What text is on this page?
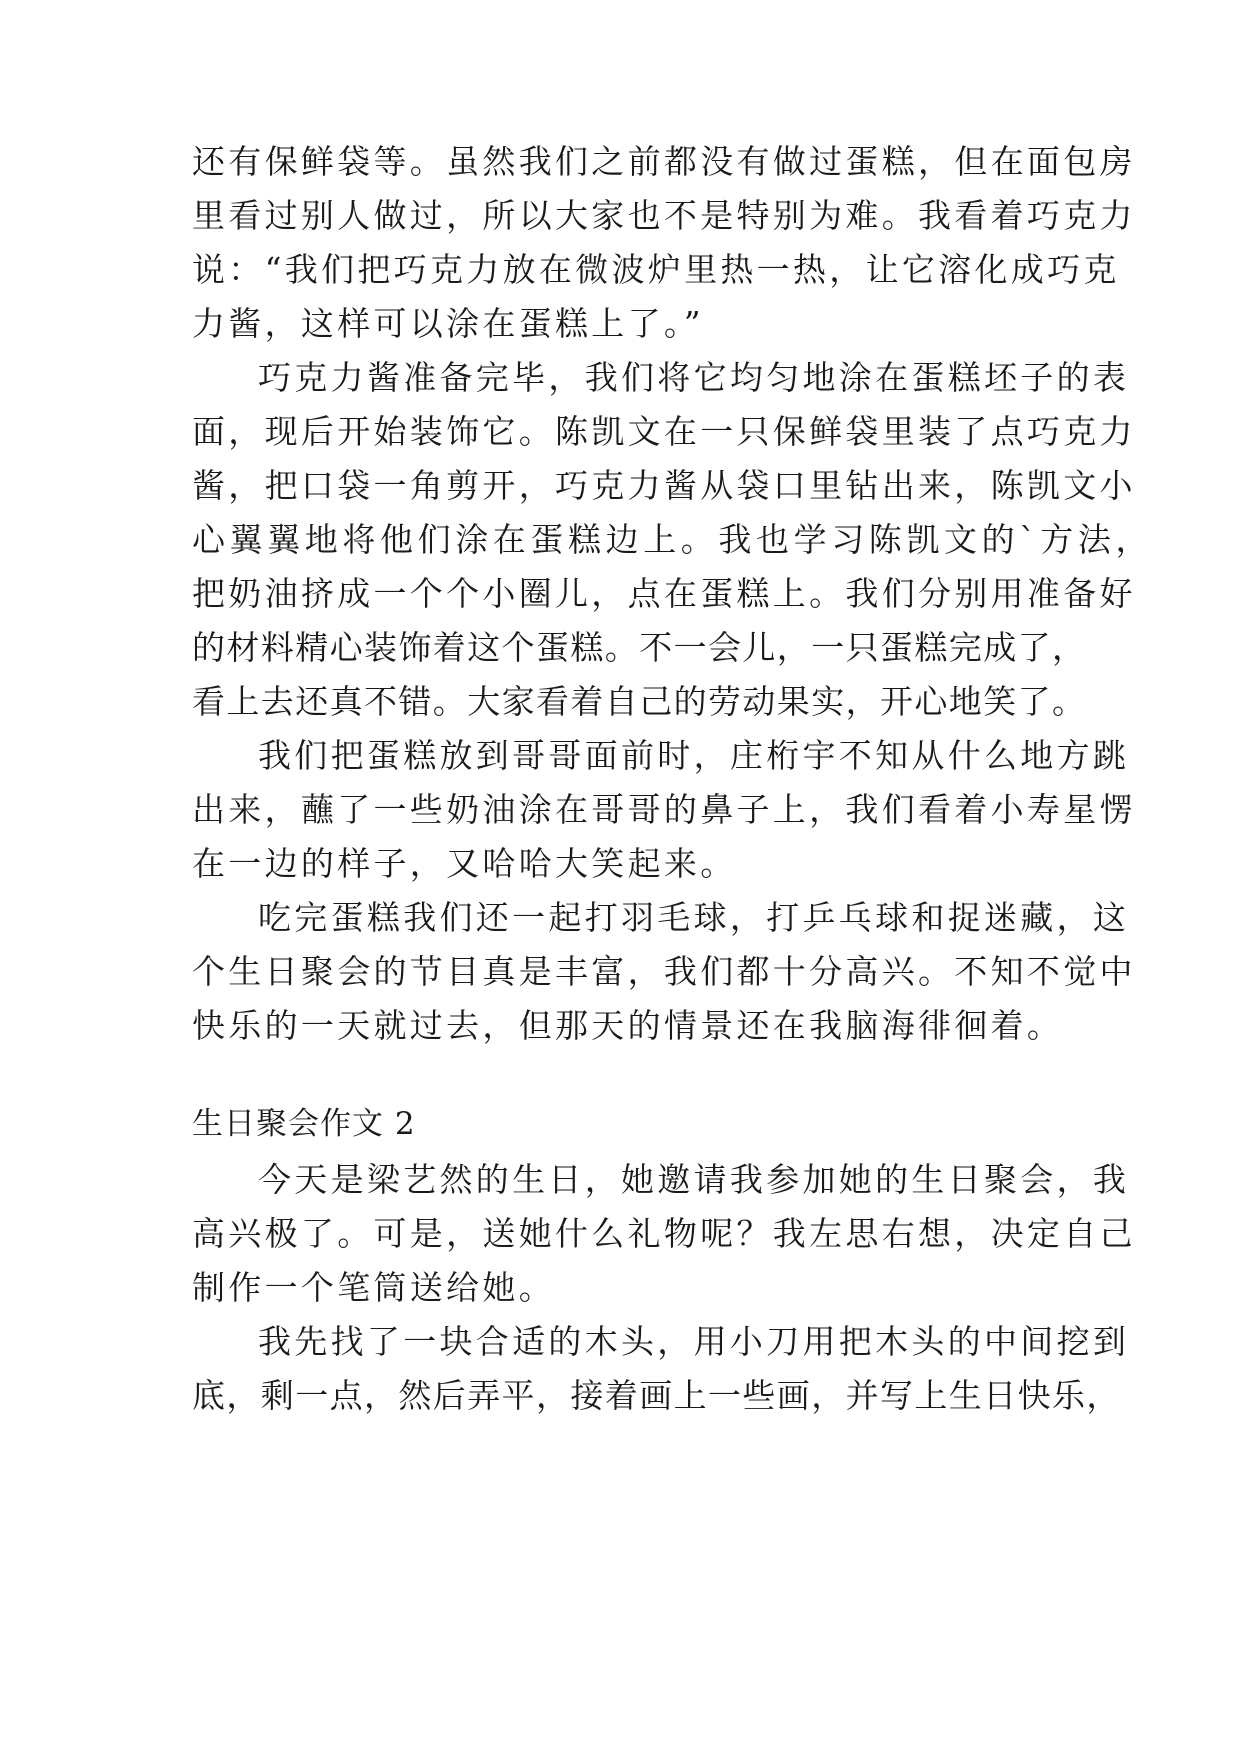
还有保鲜袋等。虽然我们之前都没有做过蛋糕，但在面包房
里看过别人做过，所以大家也不是特别为难。我看着巧克力
说：“我们把巧克力放在微波炉里热一热，让它溶化成巧克
力酱，这样可以涂在蛋糕上了。”
巧克力酱准备完毕，我们将它均匀地涂在蛋糕坯子的表
面，现后开始装饰它。陈凯文在一只保鲜袋里装了点巧克力
酱，把口袋一角剪开，巧克力酱从袋口里钻出来，陈凯文小
心翼翼地将他们涂在蛋糕边上。我也学习陈凯文的`方法，
把奶油挤成一个个小圈儿，点在蛋糕上。我们分别用准备好
的材料精心装饰着这个蛋糕。不一会儿，一只蛋糕完成了，
看上去还真不错。大家看着自己的劳动果实，开心地笑了。
我们把蛋糕放到哥哥面前时，庄桁宇不知从什么地方跳
出来，蘸了一些奶油涂在哥哥的鼻子上，我们看着小寿星愣
在一边的样子，又哈哈大笑起来。
吃完蛋糕我们还一起打羽毛球，打乒乓球和捉迷藏，这
个生日聚会的节目真是丰富，我们都十分高兴。不知不觉中
快乐的一天就过去，但那天的情景还在我脑海徘徊着。
生日聚会作文 2
今天是梁艺然的生日，她邀请我参加她的生日聚会，我
高兴极了。可是，送她什么礼物呢？我左思右想，决定自己
制作一个笔筒送给她。
我先找了一块合适的木头，用小刀用把木头的中间挖到
底，剩一点，然后弄平，接着画上一些画，并写上生日快乐，
